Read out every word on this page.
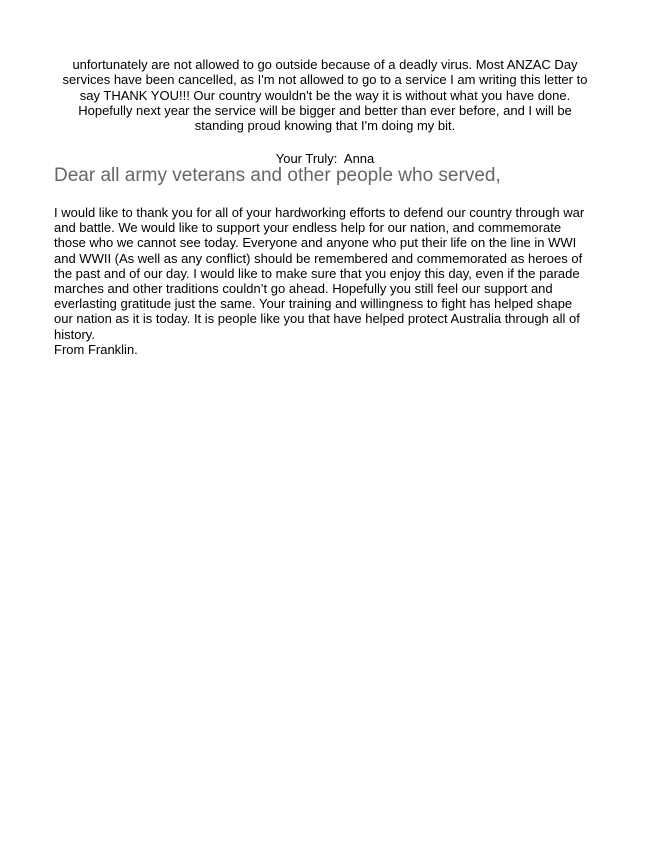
unfortunately are not allowed to go outside because of a deadly virus. Most ANZAC Day
services have been cancelled, as I'm not allowed to go to a service I am writing this letter to
say THANK YOU!!! Our country wouldn't be the way it is without what you have done.
Hopefully next year the service will be bigger and better than ever before, and I will be
standing proud knowing that I'm doing my bit.
Your Truly:  Anna
Dear all army veterans and other people who served,
I would like to thank you for all of your hardworking efforts to defend our country through war
and battle. We would like to support your endless help for our nation, and commemorate
those who we cannot see today. Everyone and anyone who put their life on the line in WWI
and WWII (As well as any conflict) should be remembered and commemorated as heroes of
the past and of our day. I would like to make sure that you enjoy this day, even if the parade
marches and other traditions couldn’t go ahead. Hopefully you still feel our support and
everlasting gratitude just the same. Your training and willingness to fight has helped shape
our nation as it is today. It is people like you that have helped protect Australia through all of
history.
From Franklin.
